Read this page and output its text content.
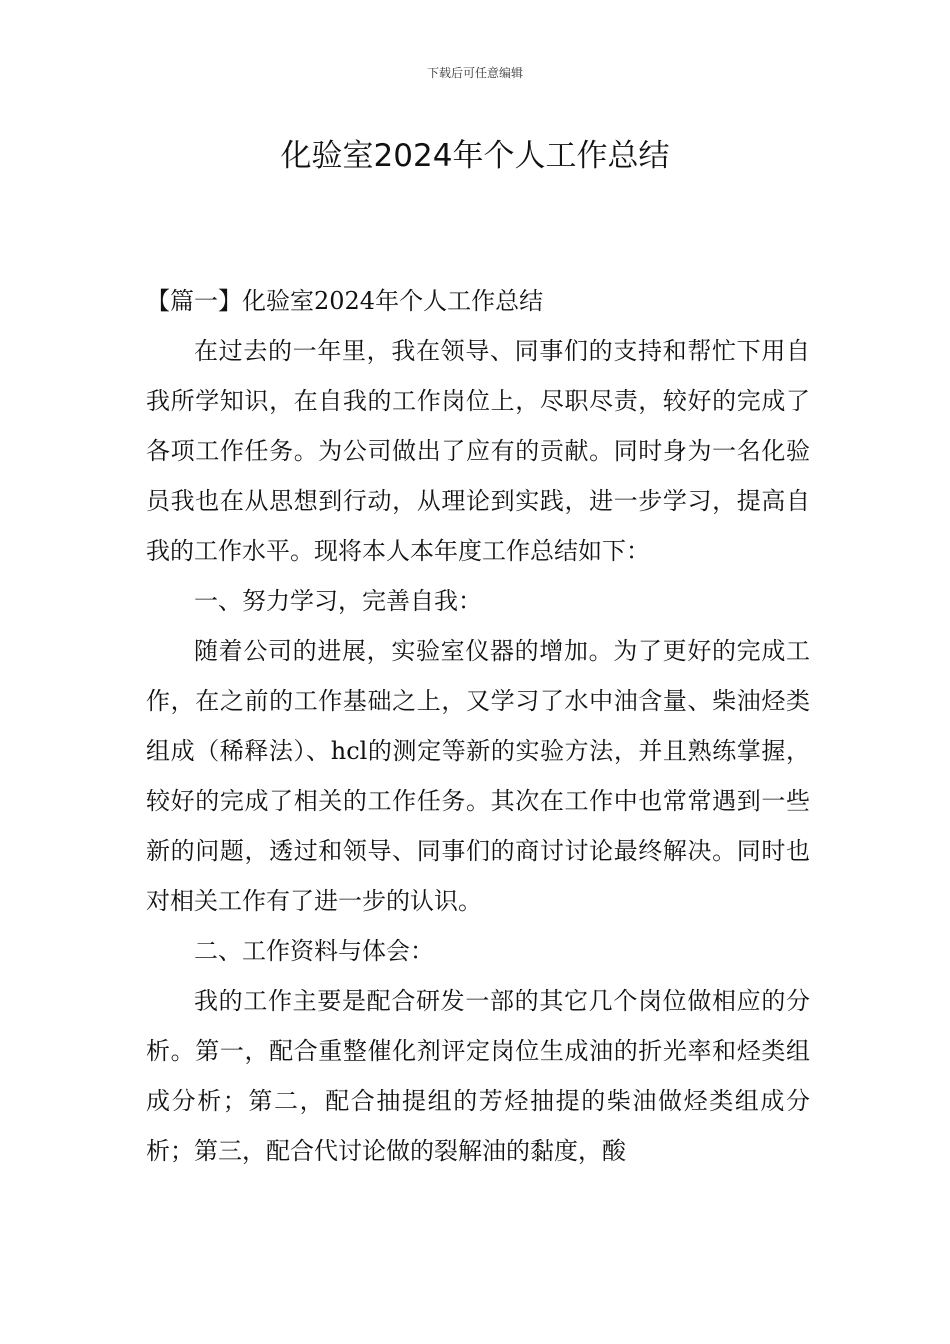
下载后可任意编辑
化验室2024年个人工作总结

【篇一】化验室2024年个人工作总结

在过去的一年里，我在领导、同事们的支持和帮忙下用自我所学知识，在自我的工作岗位上，尽职尽责，较好的完成了各项工作任务。为公司做出了应有的贡献。同时身为一名化验员我也在从思想到行动，从理论到实践，进一步学习，提高自我的工作水平。现将本人本年度工作总结如下：

一、努力学习，完善自我：

随着公司的进展，实验室仪器的增加。为了更好的完成工作，在之前的工作基础之上，又学习了水中油含量、柴油烃类组成（稀释法）、hcl的测定等新的实验方法，并且熟练掌握，较好的完成了相关的工作任务。其次在工作中也常常遇到一些新的问题，透过和领导、同事们的商讨讨论最终解决。同时也对相关工作有了进一步的认识。

二、工作资料与体会：

我的工作主要是配合研发一部的其它几个岗位做相应的分析。第一，配合重整催化剂评定岗位生成油的折光率和烃类组成分析；第二，配合抽提组的芳烃抽提的柴油做烃类组成分析；第三，配合代讨论做的裂解油的黏度，酸
